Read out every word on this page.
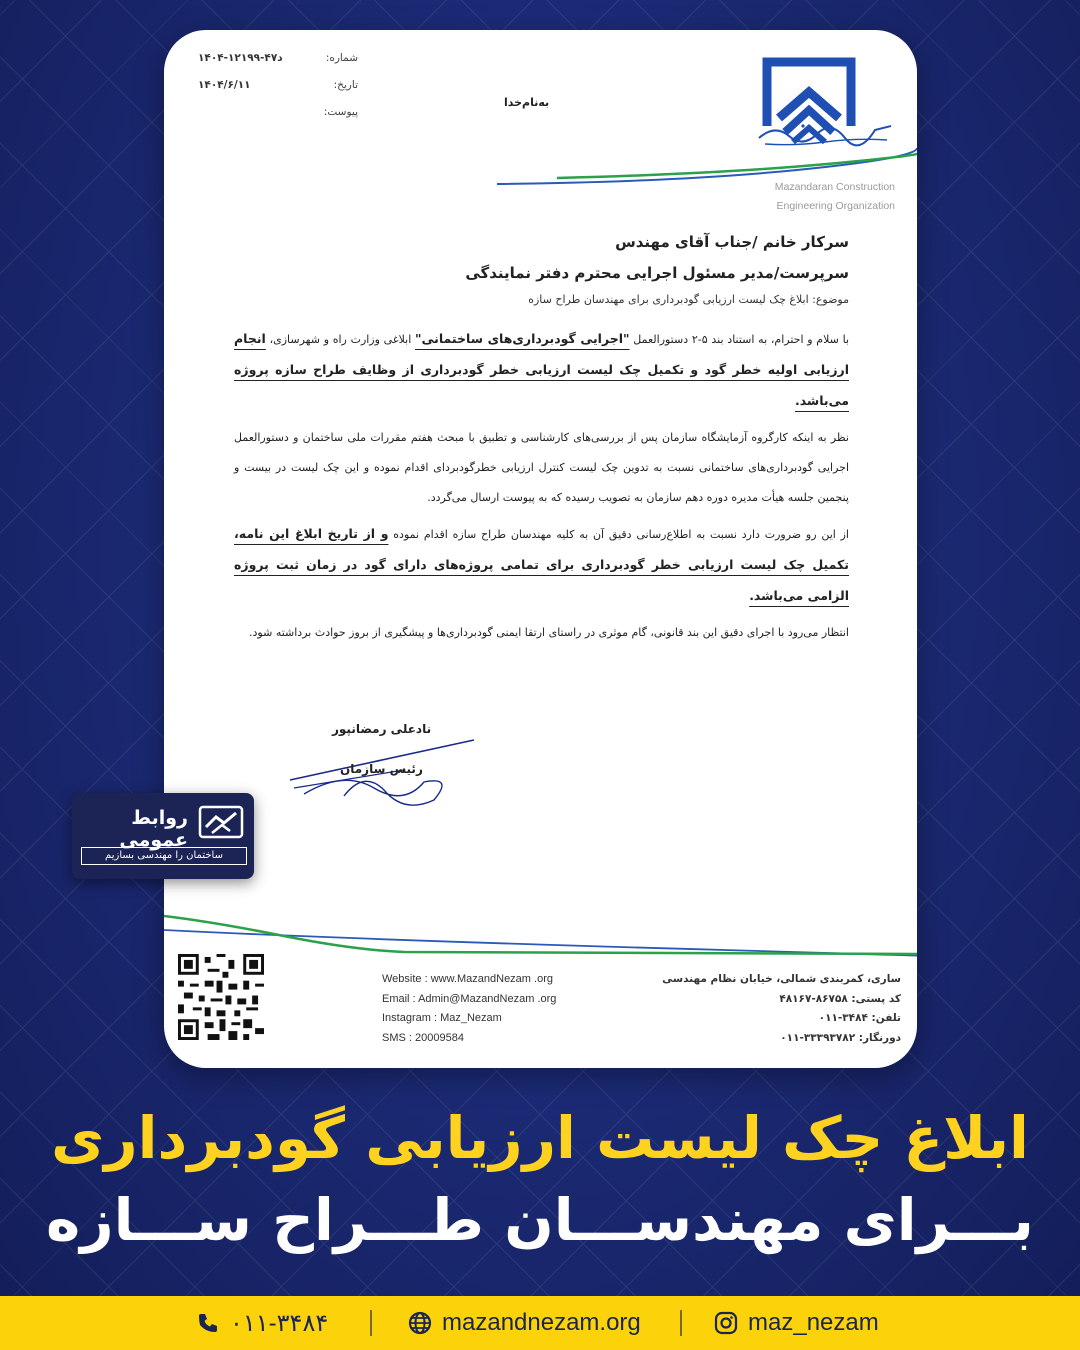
Mazandaran Construction
Engineering Organization
شماره:
۱۴۰۴-د۴۷-۱۲۱۹۹
تاریخ:
۱۴۰۴/۶/۱۱
پیوست:
به‌نام‌خدا
سرکار خانم /جناب آقای مهندس
سرپرست/مدیر مسئول اجرایی محترم دفتر نمایندگی
موضوع: ابلاغ چک لیست ارزیابی گودبرداری برای مهندسان طراح سازه

با سلام و احترام، به استناد بند ۵-۲ دستورالعمل "اجرایی گودبرداری‌های ساختمانی" ابلاغی وزارت راه و شهرسازی، انجام ارزیابی اولیه خطر گود و تکمیل چک لیست ارزیابی خطر گودبرداری از وظایف طراح سازه پروژه می‌باشد.

نظر به اینکه کارگروه آزمایشگاه سازمان پس از بررسی‌های کارشناسی و تطبیق با مبحث هفتم مقررات ملی ساختمان و دستورالعمل اجرایی گودبرداری‌های ساختمانی نسبت به تدوین چک لیست کنترل ارزیابی خطرگودبرداى اقدام نموده و این چک لیست در بیست و پنجمین جلسه هیأت مدیره دوره دهم سازمان به تصویب رسیده که به پیوست ارسال می‌گردد.

از این رو ضرورت دارد نسبت به اطلاع‌رسانی دقیق آن به کلیه مهندسان طراح سازه اقدام نموده و از تاریخ ابلاغ این نامه، تکمیل چک لیست ارزیابی خطر گودبرداری برای تمامی پروژه‌های دارای گود در زمان ثبت پروژه الزامی می‌باشد.

انتظار می‌رود با اجرای دقیق این بند قانونی، گام موثری در راستای ارتقا ایمنی گودبرداری‌ها و پیشگیری از بروز حوادث برداشته شود.

نادعلی رمضانپور
رئیس سازمان
Website : www.MazandNezam .org
Email : Admin@MazandNezam .org
Instagram : Maz_Nezam
SMS : 20009584
ساری، کمربندی شمالی، خیابان نظام مهندسی
کد پستی: ۸۶۷۵۸-۴۸۱۶۷
تلفن: ۳۴۸۴-۰۱۱
دورنگار: ۳۳۳۹۳۷۸۲-۰۱۱
روابط عمومی
ساختمان را مهندسی بسازیم
ابلاغ چک لیست ارزیابی گودبرداری
بـــرای مهندســـان طـــراح ســـازه
۰۱۱-۳۴۸۴	mazandnezam.org	maz_nezam
